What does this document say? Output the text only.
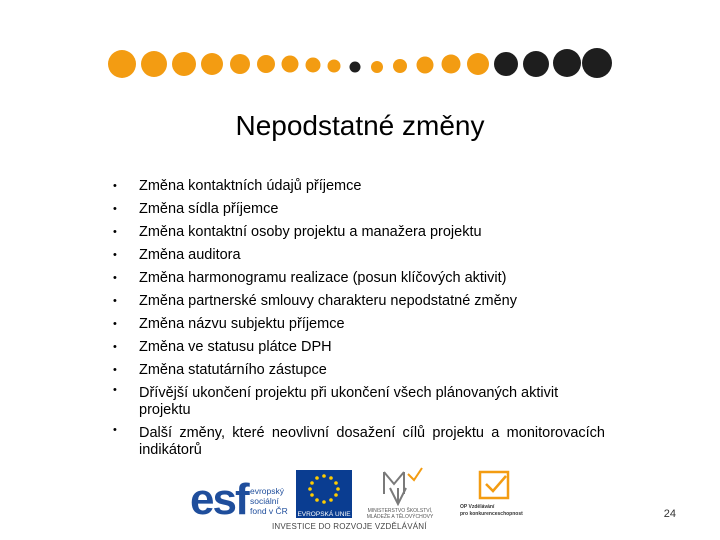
Nepodstatné změny
• Změna kontaktních údajů příjemce
• Změna sídla příjemce
• Změna kontaktní osoby projektu a manažera projektu
• Změna auditora
• Změna harmonogramu realizace (posun klíčových aktivit)
• Změna partnerské smlouvy charakteru nepodstatné změny
• Změna názvu subjektu příjemce
• Změna ve statusu plátce DPH
• Změna statutárního zástupce
• Dřívější ukončení projektu při ukončení všech plánovaných aktivit projektu
• Další změny, které neovlivní dosažení cílů projektu a monitorovacích indikátorů
esf evropský
sociální
fond v ČR EVROPSKÁ UNIE	MINISTERSTVO ŠKOLSTVÍ,
MLÁDEŽE A TĚLOVÝCHOVY
OP Vzdělávání
pro konkurenceschopnost
INVESTICE DO ROZVOJE VZDĚLÁVÁNÍ
24
